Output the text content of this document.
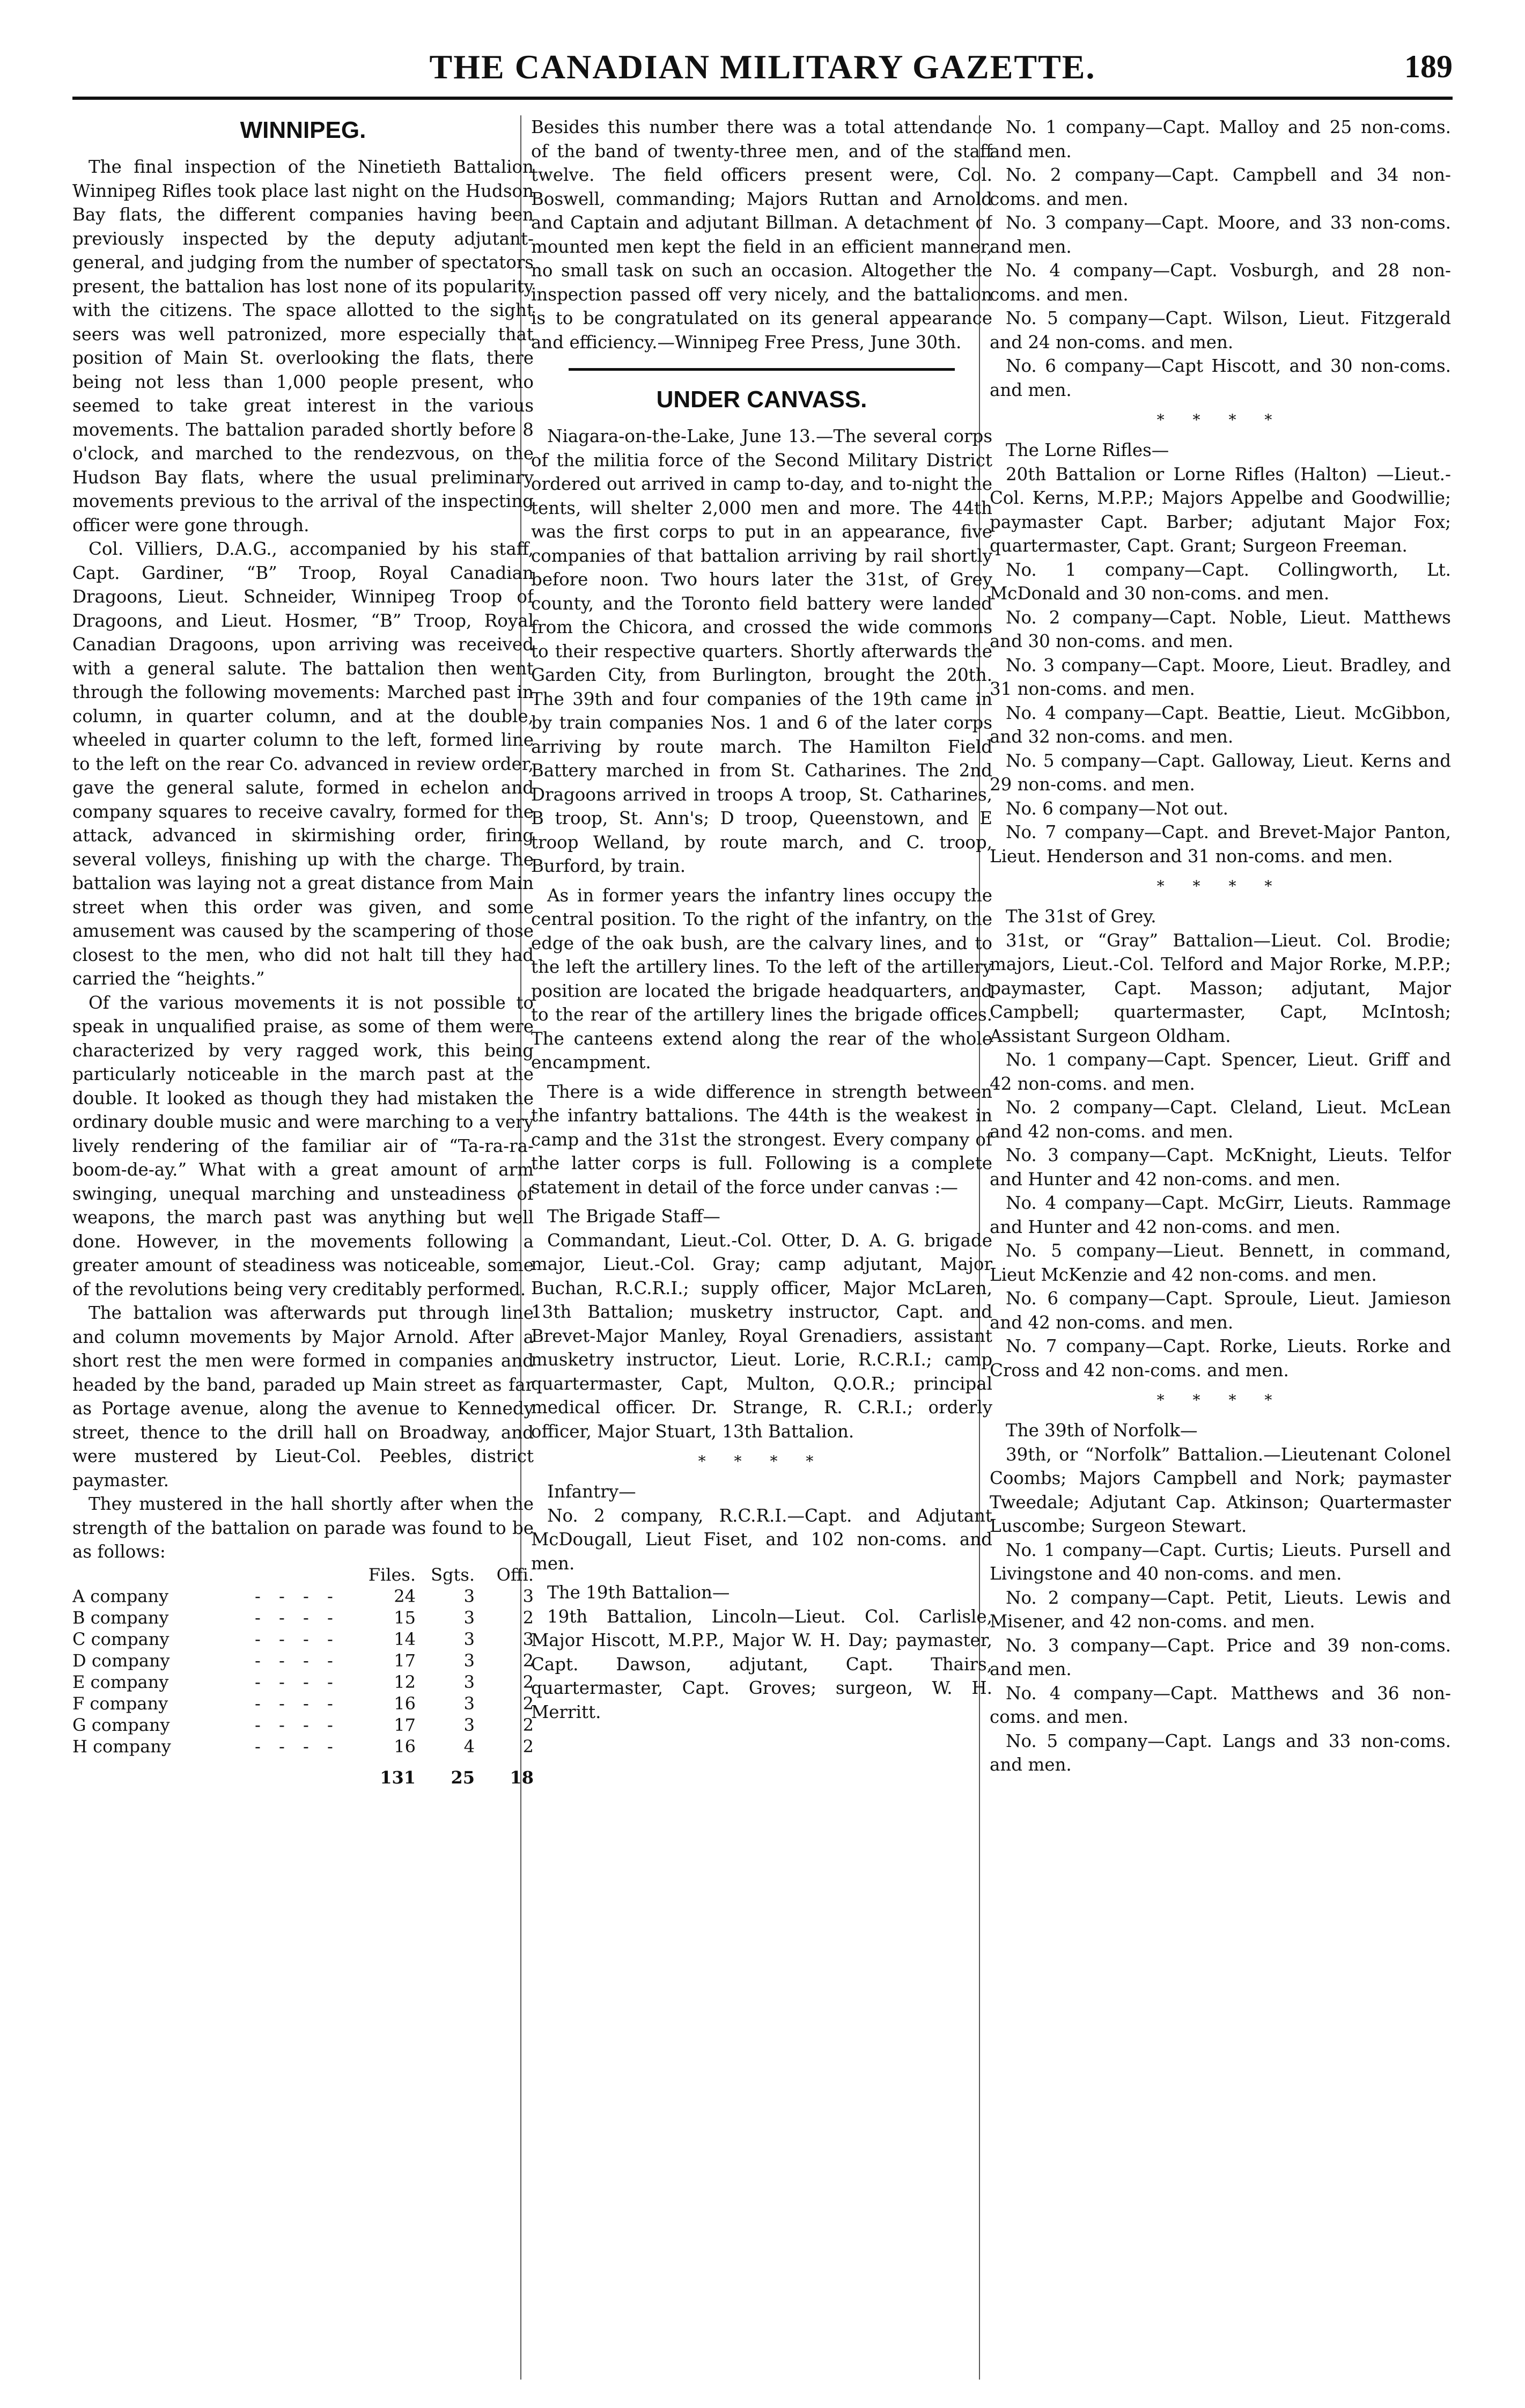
THE CANADIAN MILITARY GAZETTE.	189
WINNIPEG.

The final inspection of the Ninetieth Battalion Winnipeg Rifles took place last night on the Hudson Bay flats, the different companies having been previously inspected by the deputy adjutant-general, and judging from the number of spectators present, the battalion has lost none of its popularity with the citizens. The space allotted to the sight seers was well patronized, more especially that position of Main St. overlooking the flats, there being not less than 1,000 people present, who seemed to take great interest in the various movements. The battalion paraded shortly before 8 o'clock, and marched to the rendezvous, on the Hudson Bay flats, where the usual preliminary movements previous to the arrival of the inspecting officer were gone through.

Col. Villiers, D.A.G., accompanied by his staff, Capt. Gardiner, “B” Troop, Royal Canadian Dragoons, Lieut. Schneider, Winnipeg Troop of Dragoons, and Lieut. Hosmer, “B” Troop, Royal Canadian Dragoons, upon arriving was received with a general salute. The battalion then went through the following movements: Marched past in column, in quarter column, and at the double, wheeled in quarter column to the left, formed line to the left on the rear Co. advanced in review order, gave the general salute, formed in echelon and company squares to receive cavalry, formed for the attack, advanced in skirmishing order, firing several volleys, finishing up with the charge. The battalion was laying not a great distance from Main street when this order was given, and some amusement was caused by the scampering of those closest to the men, who did not halt till they had carried the “heights.”

Of the various movements it is not possible to speak in unqualified praise, as some of them were characterized by very ragged work, this being particularly noticeable in the march past at the double. It looked as though they had mistaken the ordinary double music and were marching to a very lively rendering of the familiar air of “Ta-ra-ra-boom-de-ay.” What with a great amount of arm swinging, unequal marching and unsteadiness of weapons, the march past was anything but well done. However, in the movements following a greater amount of steadiness was noticeable, some of the revolutions being very creditably performed.

The battalion was afterwards put through line and column movements by Major Arnold. After a short rest the men were formed in companies and headed by the band, paraded up Main street as far as Portage avenue, along the avenue to Kennedy street, thence to the drill hall on Broadway, and were mustered by Lieut-Col. Peebles, district paymaster.

They mustered in the hall shortly after when the strength of the battalion on parade was found to be as follows:

		Files.	Sgts.	Offi.
A company	- - - -	24	3	3
B company	- - - -	15	3	2
C company	- - - -	14	3	3
D company	- - - -	17	3	2
E company	- - - -	12	3	2
F company	- - - -	16	3	2
G company	- - - -	17	3	2
H company	- - - -	16	4	2
		131	25	18

Besides this number there was a total attendance of the band of twenty-three men, and of the staff twelve. The field officers present were, Col. Boswell, commanding; Majors Ruttan and Arnold and Captain and adjutant Billman. A detachment of mounted men kept the field in an efficient manner, no small task on such an occasion. Altogether the inspection passed off very nicely, and the battalion is to be congratulated on its general appearance and efficiency.—Winnipeg Free Press, June 30th.

UNDER CANVASS.

Niagara-on-the-Lake, June 13.—The several corps of the militia force of the Second Military District ordered out arrived in camp to-day, and to-night the tents, will shelter 2,000 men and more. The 44th was the first corps to put in an appearance, five companies of that battalion arriving by rail shortly before noon. Two hours later the 31st, of Grey county, and the Toronto field battery were landed from the Chicora, and crossed the wide commons to their respective quarters. Shortly afterwards the Garden City, from Burlington, brought the 20th. The 39th and four companies of the 19th came in by train companies Nos. 1 and 6 of the later corps arriving by route march. The Hamilton Field Battery marched in from St. Catharines. The 2nd Dragoons arrived in troops A troop, St. Catharines, B troop, St. Ann's; D troop, Queenstown, and E troop Welland, by route march, and C. troop, Burford, by train.

As in former years the infantry lines occupy the central position. To the right of the infantry, on the edge of the oak bush, are the calvary lines, and to the left the artillery lines. To the left of the artillery position are located the brigade headquarters, and to the rear of the artillery lines the brigade offices. The canteens extend along the rear of the whole encampment.

There is a wide difference in strength between the infantry battalions. The 44th is the weakest in camp and the 31st the strongest. Every company of the latter corps is full. Following is a complete statement in detail of the force under canvas :—

The Brigade Staff—

Commandant, Lieut.-Col. Otter, D. A. G. brigade major, Lieut.-Col. Gray; camp adjutant, Major Buchan, R.C.R.I.; supply officer, Major McLaren, 13th Battalion; musketry instructor, Capt. and Brevet-Major Manley, Royal Grenadiers, assistant musketry instructor, Lieut. Lorie, R.C.R.I.; camp quartermaster, Capt, Multon, Q.O.R.; principal medical officer. Dr. Strange, R. C.R.I.; orderly officer, Major Stuart, 13th Battalion.

* * * *

Infantry—

No. 2 company, R.C.R.I.—Capt. and Adjutant McDougall, Lieut Fiset, and 102 non-coms. and men.

The 19th Battalion—

19th Battalion, Lincoln—Lieut. Col. Carlisle, Major Hiscott, M.P.P., Major W. H. Day; paymaster, Capt. Dawson, adjutant, Capt. Thairs, quartermaster, Capt. Groves; surgeon, W. H. Merritt.

No. 1 company—Capt. Malloy and 25 non-coms. and men.

No. 2 company—Capt. Campbell and 34 non-coms. and men.

No. 3 company—Capt. Moore, and 33 non-coms. and men.

No. 4 company—Capt. Vosburgh, and 28 non-coms. and men.

No. 5 company—Capt. Wilson, Lieut. Fitzgerald and 24 non-coms. and men.

No. 6 company—Capt Hiscott, and 30 non-coms. and men.

* * * *

The Lorne Rifles—

20th Battalion or Lorne Rifles (Halton) —Lieut.-Col. Kerns, M.P.P.; Majors Appelbe and Goodwillie; paymaster Capt. Barber; adjutant Major Fox; quartermaster, Capt. Grant; Surgeon Freeman.

No. 1 company—Capt. Collingworth, Lt. McDonald and 30 non-coms. and men.

No. 2 company—Capt. Noble, Lieut. Matthews and 30 non-coms. and men.

No. 3 company—Capt. Moore, Lieut. Bradley, and 31 non-coms. and men.

No. 4 company—Capt. Beattie, Lieut. McGibbon, and 32 non-coms. and men.

No. 5 company—Capt. Galloway, Lieut. Kerns and 29 non-coms. and men.

No. 6 company—Not out.

No. 7 company—Capt. and Brevet-Major Panton, Lieut. Henderson and 31 non-coms. and men.

* * * *

The 31st of Grey.

31st, or “Gray” Battalion—Lieut. Col. Brodie; majors, Lieut.-Col. Telford and Major Rorke, M.P.P.; paymaster, Capt. Masson; adjutant, Major Campbell; quartermaster, Capt, McIntosh; Assistant Surgeon Oldham.

No. 1 company—Capt. Spencer, Lieut. Griff and 42 non-coms. and men.

No. 2 company—Capt. Cleland, Lieut. McLean and 42 non-coms. and men.

No. 3 company—Capt. McKnight, Lieuts. Telfor and Hunter and 42 non-coms. and men.

No. 4 company—Capt. McGirr, Lieuts. Rammage and Hunter and 42 non-coms. and men.

No. 5 company—Lieut. Bennett, in command, Lieut McKenzie and 42 non-coms. and men.

No. 6 company—Capt. Sproule, Lieut. Jamieson and 42 non-coms. and men.

No. 7 company—Capt. Rorke, Lieuts. Rorke and Cross and 42 non-coms. and men.

* * * *

The 39th of Norfolk—

39th, or “Norfolk” Battalion.—Lieutenant Colonel Coombs; Majors Campbell and Nork; paymaster Tweedale; Adjutant Cap. Atkinson; Quartermaster Luscombe; Surgeon Stewart.

No. 1 company—Capt. Curtis; Lieuts. Pursell and Livingstone and 40 non-coms. and men.

No. 2 company—Capt. Petit, Lieuts. Lewis and Misener, and 42 non-coms. and men.

No. 3 company—Capt. Price and 39 non-coms. and men.

No. 4 company—Capt. Matthews and 36 non-coms. and men.

No. 5 company—Capt. Langs and 33 non-coms. and men.
